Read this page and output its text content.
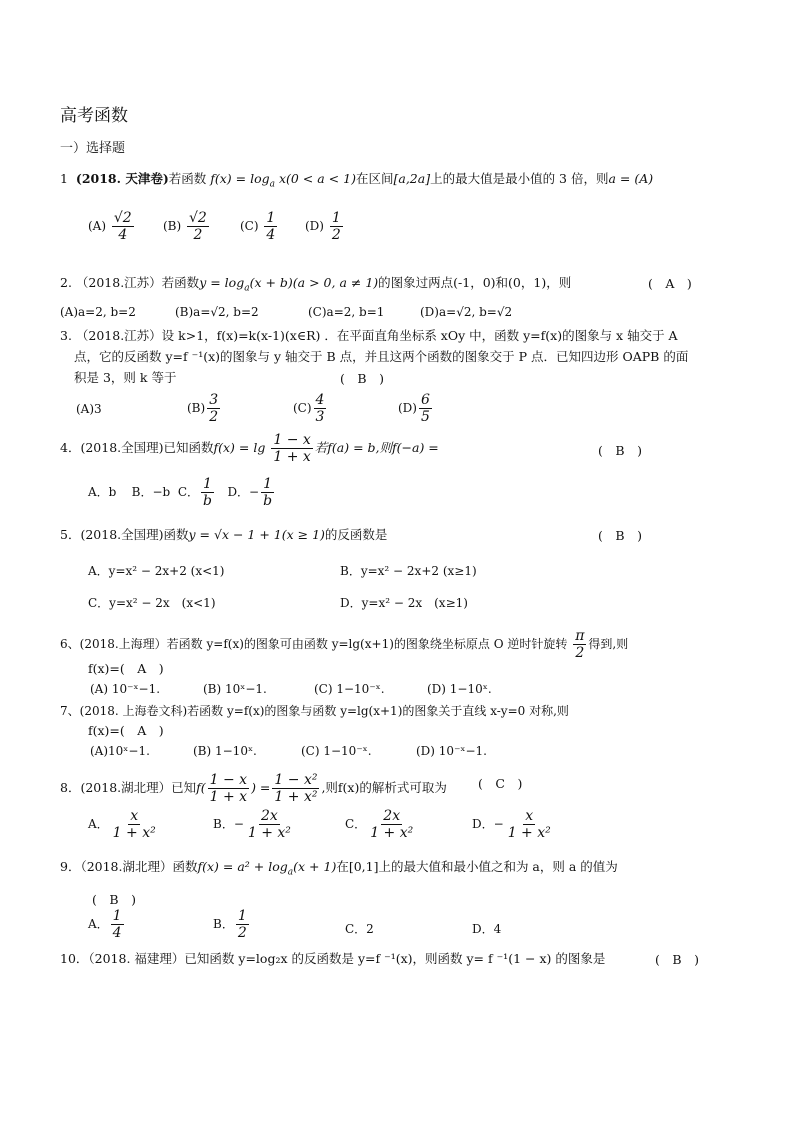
高考函数
一）选择题
1 (2018. 天津卷)若函数 $f(x) = \log_a x(0 < a < 1)$在区间[a,2a]上的最大值是最小值的 3 倍，则a = (A)
$(A) \frac{√2}{4} (B) \frac{√2}{2}$	$(C) \frac{1}{4} (D) \frac{1}{2}$
2. （2018.江苏）若函数$y = \log_a(x + b)(a > 0$, a ≠ 1)的图象过两点(-1，0)和(0，1)，则	(　A　)
(A)a=2, b=2	(B)a=√2, b=2	(C)a=2, b=1	(D)a=√2, b=√2
3. （2018.江苏）设 k>1，f(x)=k(x-1)(x∈R) ．在平面直角坐标系 xOy 中，函数 y=f(x)的图象与 x 轴交于 A
点，它的反函数 y=f ⁻¹(x)的图象与 y 轴交于 B 点，并且这两个函数的图象交于 P 点．已知四边形 OAPB 的面
积是 3，则 k 等于	(　B　)
(A)3	$(B) \frac{3}{2}$	$(C) \frac{4}{3}$	$(D) \frac{6}{5}$
4．(2018.全国理)已知函数$f(x) = \lg \frac{1 - x}{1 + x}$ 若f(a) = b,则f(−a) =	(　B　)
A．b B．−b C． $\frac{1}{b}$ D．− $\frac{1}{b}$
5．(2018.全国理)函数y = √x − 1 + 1(x ≥ 1)的反函数是	(　B　)
A．y=x² − 2x+2 (x<1)	B．y=x² − 2x+2 (x≥1)
C．y=x² − 2x　(x<1)	D．y=x² − 2x　(x≥1)
6、(2018.上海理）若函数 y=f(x)的图象可由函数 y=lg(x+1)的图象绕坐标原点 O 逆时针旋转 $\frac{\pi}{2}$ 得到,则
f(x)=(　A　)
(A) 10⁻ˣ−1.	(B) 10ˣ−1.	(C) 1−10⁻ˣ.	(D) 1−10ˣ.
7、(2018. 上海卷文科)若函数 y=f(x)的图象与函数 y=lg(x+1)的图象关于直线 x-y=0 对称,则
f(x)=(　A　)
(A)10ˣ−1.	(B) 1−10ˣ.	(C) 1−10⁻ˣ.	(D) 10⁻ˣ−1.
8．(2018.湖北理）已知$f( \frac{1 - x}{1 + x}$ ) = $\frac{\text{1 − x²}}{\text{1 + x²}}$ ,则f(x)的解析式可取为 (　C　)
A． $\frac{x}{\text{1 + x²}}$	B．− $\frac{2x}{\text{1 + x²}}$	C． $\frac{2x}{\text{1 + x²}}$	D．− $\frac{x}{\text{1 + x²}}$
9．（2018.湖北理）函数$f(x) = a^2 + \log_a(x + 1)$在[0,1]上的最大值和最小值之和为 a，则 a 的值为
(　B　)
A． $\frac{1}{4}$	B． $\frac{1}{2}$	C．2	D．4
10．（2018. 福建理）已知函数 y=log₂x 的反函数是 y=f ⁻¹(x)，则函数 y= f ⁻¹(1 − x) 的图象是	(　B　)
